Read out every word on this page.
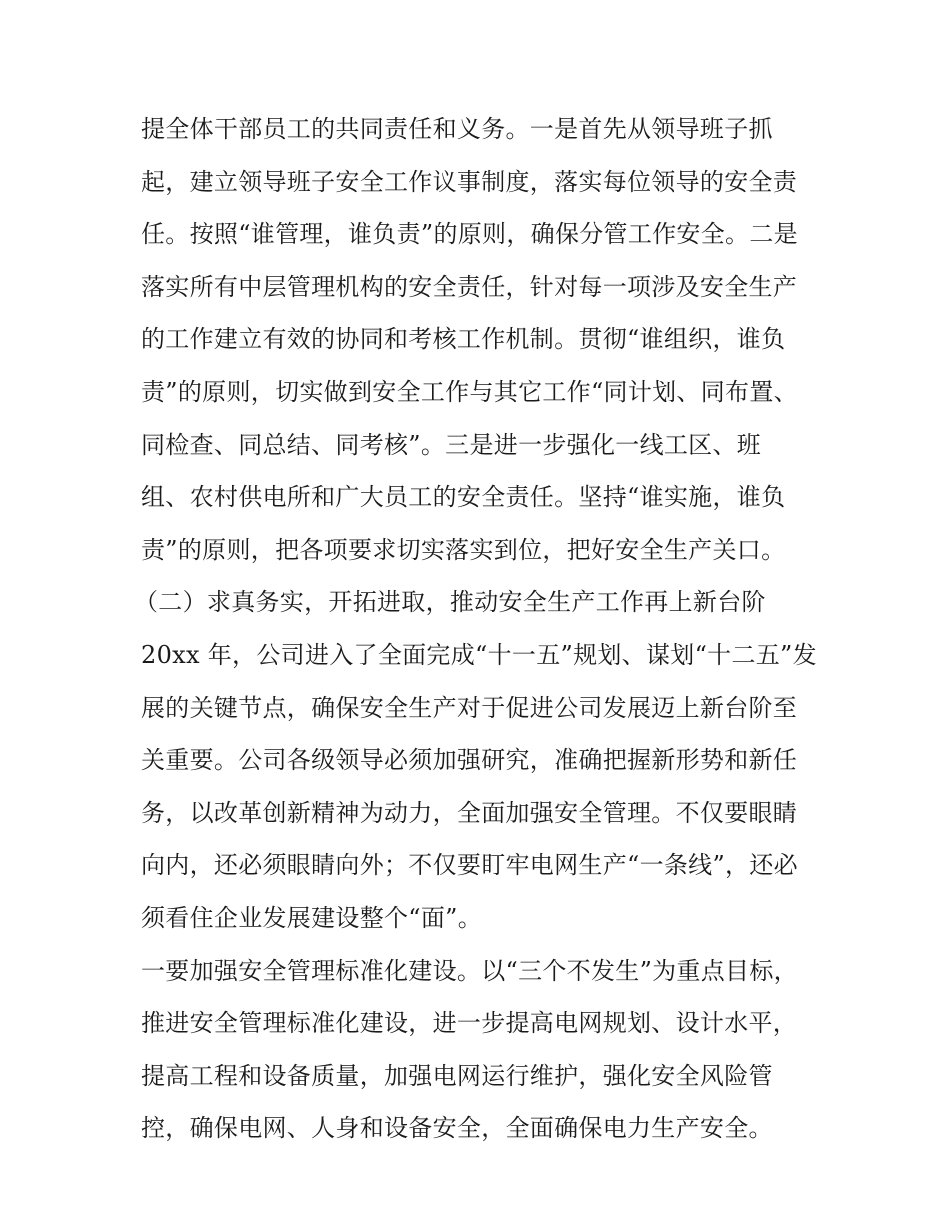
提全体干部员工的共同责任和义务。一是首先从领导班子抓
起，建立领导班子安全工作议事制度，落实每位领导的安全责
任。按照“谁管理，谁负责”的原则，确保分管工作安全。二是
落实所有中层管理机构的安全责任，针对每一项涉及安全生产
的工作建立有效的协同和考核工作机制。贯彻“谁组织，谁负
责”的原则，切实做到安全工作与其它工作“同计划、同布置、
同检查、同总结、同考核”。三是进一步强化一线工区、班
组、农村供电所和广大员工的安全责任。坚持“谁实施，谁负
责”的原则，把各项要求切实落实到位，把好安全生产关口。
（二）求真务实，开拓进取，推动安全生产工作再上新台阶
20xx 年，公司进入了全面完成“十一五”规划、谋划“十二五”发
展的关键节点，确保安全生产对于促进公司发展迈上新台阶至
关重要。公司各级领导必须加强研究，准确把握新形势和新任
务，以改革创新精神为动力，全面加强安全管理。不仅要眼睛
向内，还必须眼睛向外；不仅要盯牢电网生产“一条线”，还必
须看住企业发展建设整个“面”。
一要加强安全管理标准化建设。以“三个不发生”为重点目标，
推进安全管理标准化建设，进一步提高电网规划、设计水平，
提高工程和设备质量，加强电网运行维护，强化安全风险管
控，确保电网、人身和设备安全，全面确保电力生产安全。
